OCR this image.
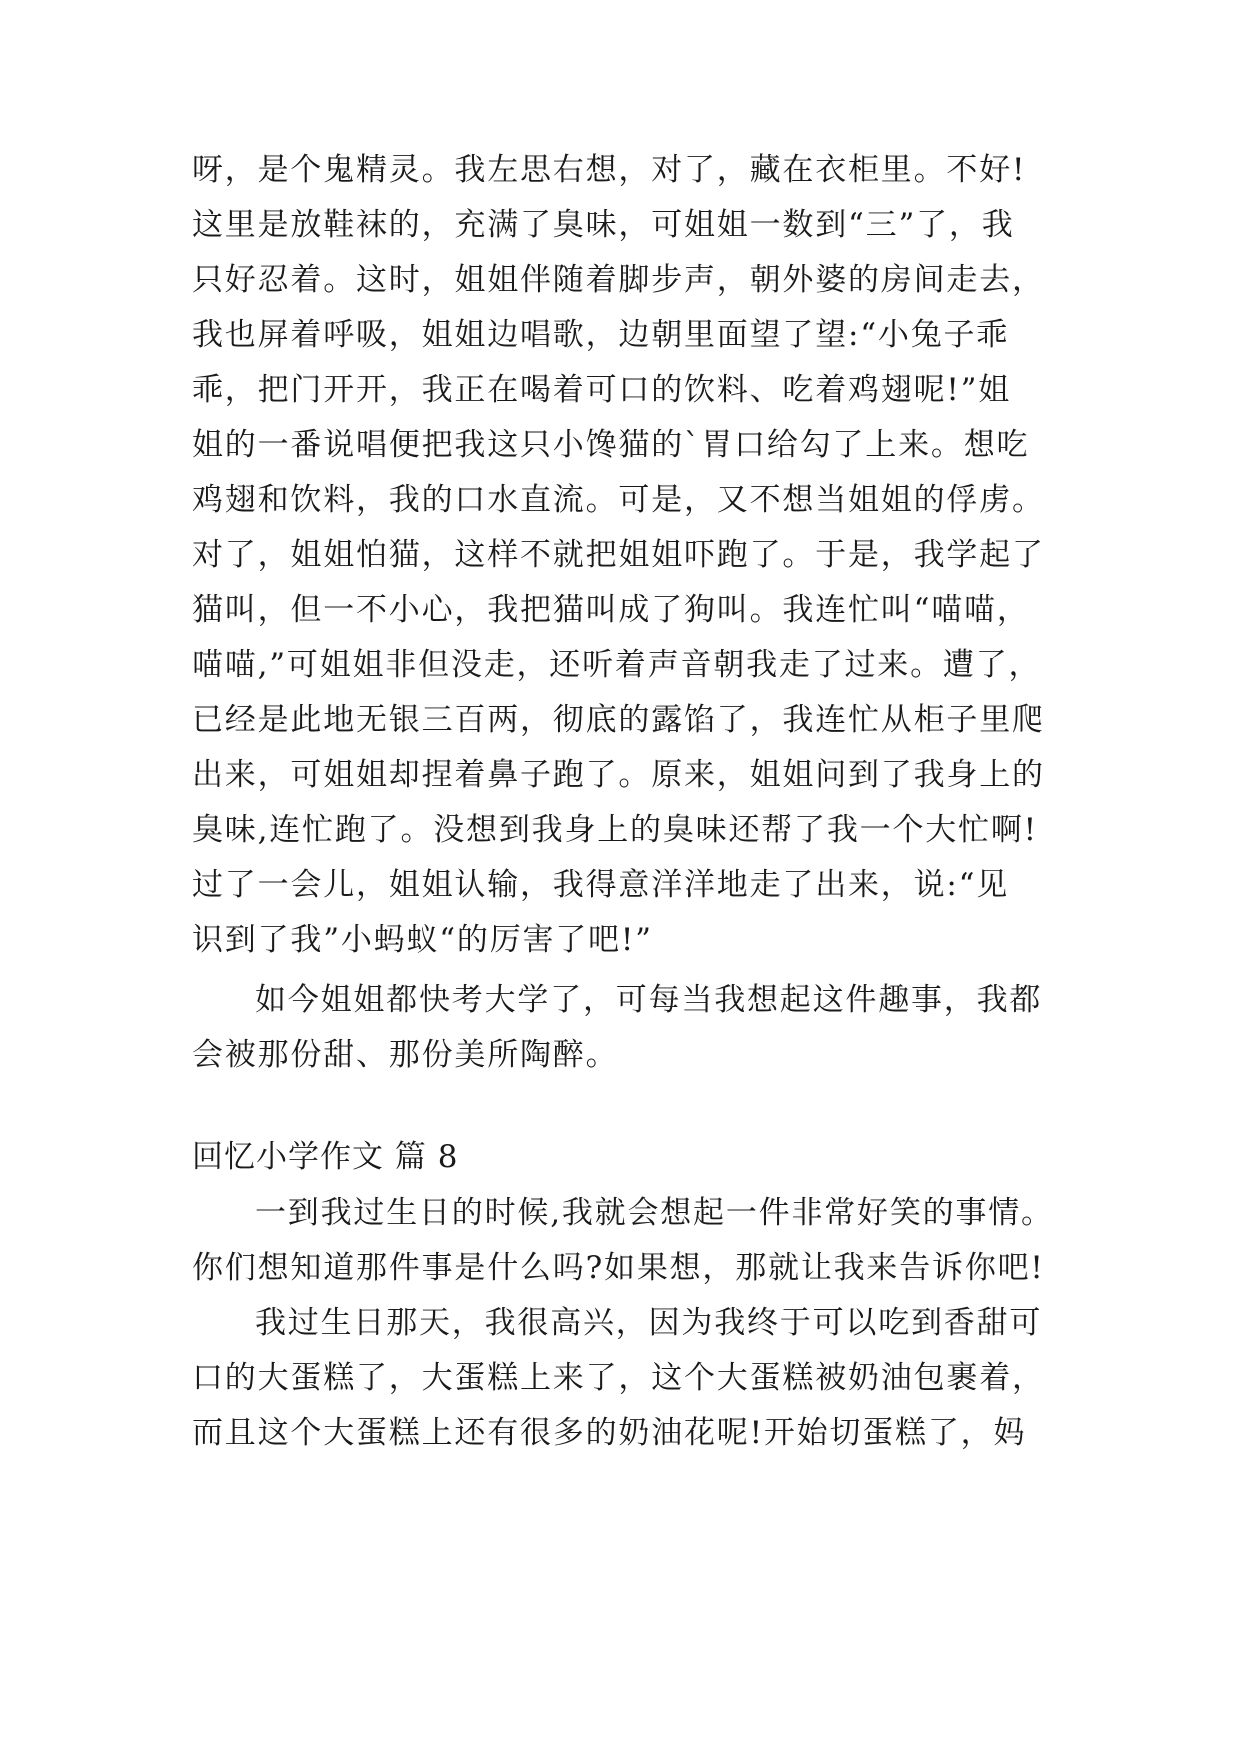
呀，是个鬼精灵。我左思右想，对了，藏在衣柜里。不好!
这里是放鞋袜的，充满了臭味，可姐姐一数到“三”了，我
只好忍着。这时，姐姐伴随着脚步声，朝外婆的房间走去，
我也屏着呼吸，姐姐边唱歌，边朝里面望了望:“小兔子乖
乖，把门开开，我正在喝着可口的饮料、吃着鸡翅呢!”姐
姐的一番说唱便把我这只小馋猫的`胃口给勾了上来。想吃
鸡翅和饮料，我的口水直流。可是，又不想当姐姐的俘虏。
对了，姐姐怕猫，这样不就把姐姐吓跑了。于是，我学起了
猫叫，但一不小心，我把猫叫成了狗叫。我连忙叫“喵喵，
喵喵,”可姐姐非但没走，还听着声音朝我走了过来。遭了，
已经是此地无银三百两，彻底的露馅了，我连忙从柜子里爬
出来，可姐姐却捏着鼻子跑了。原来，姐姐问到了我身上的
臭味,连忙跑了。没想到我身上的臭味还帮了我一个大忙啊!
过了一会儿，姐姐认输，我得意洋洋地走了出来，说:“见
识到了我”小蚂蚁“的厉害了吧!”
如今姐姐都快考大学了，可每当我想起这件趣事，我都
会被那份甜、那份美所陶醉。
回忆小学作文 篇 8
一到我过生日的时候,我就会想起一件非常好笑的事情。
你们想知道那件事是什么吗?如果想，那就让我来告诉你吧!
我过生日那天，我很高兴，因为我终于可以吃到香甜可
口的大蛋糕了，大蛋糕上来了，这个大蛋糕被奶油包裹着，
而且这个大蛋糕上还有很多的奶油花呢!开始切蛋糕了，妈
